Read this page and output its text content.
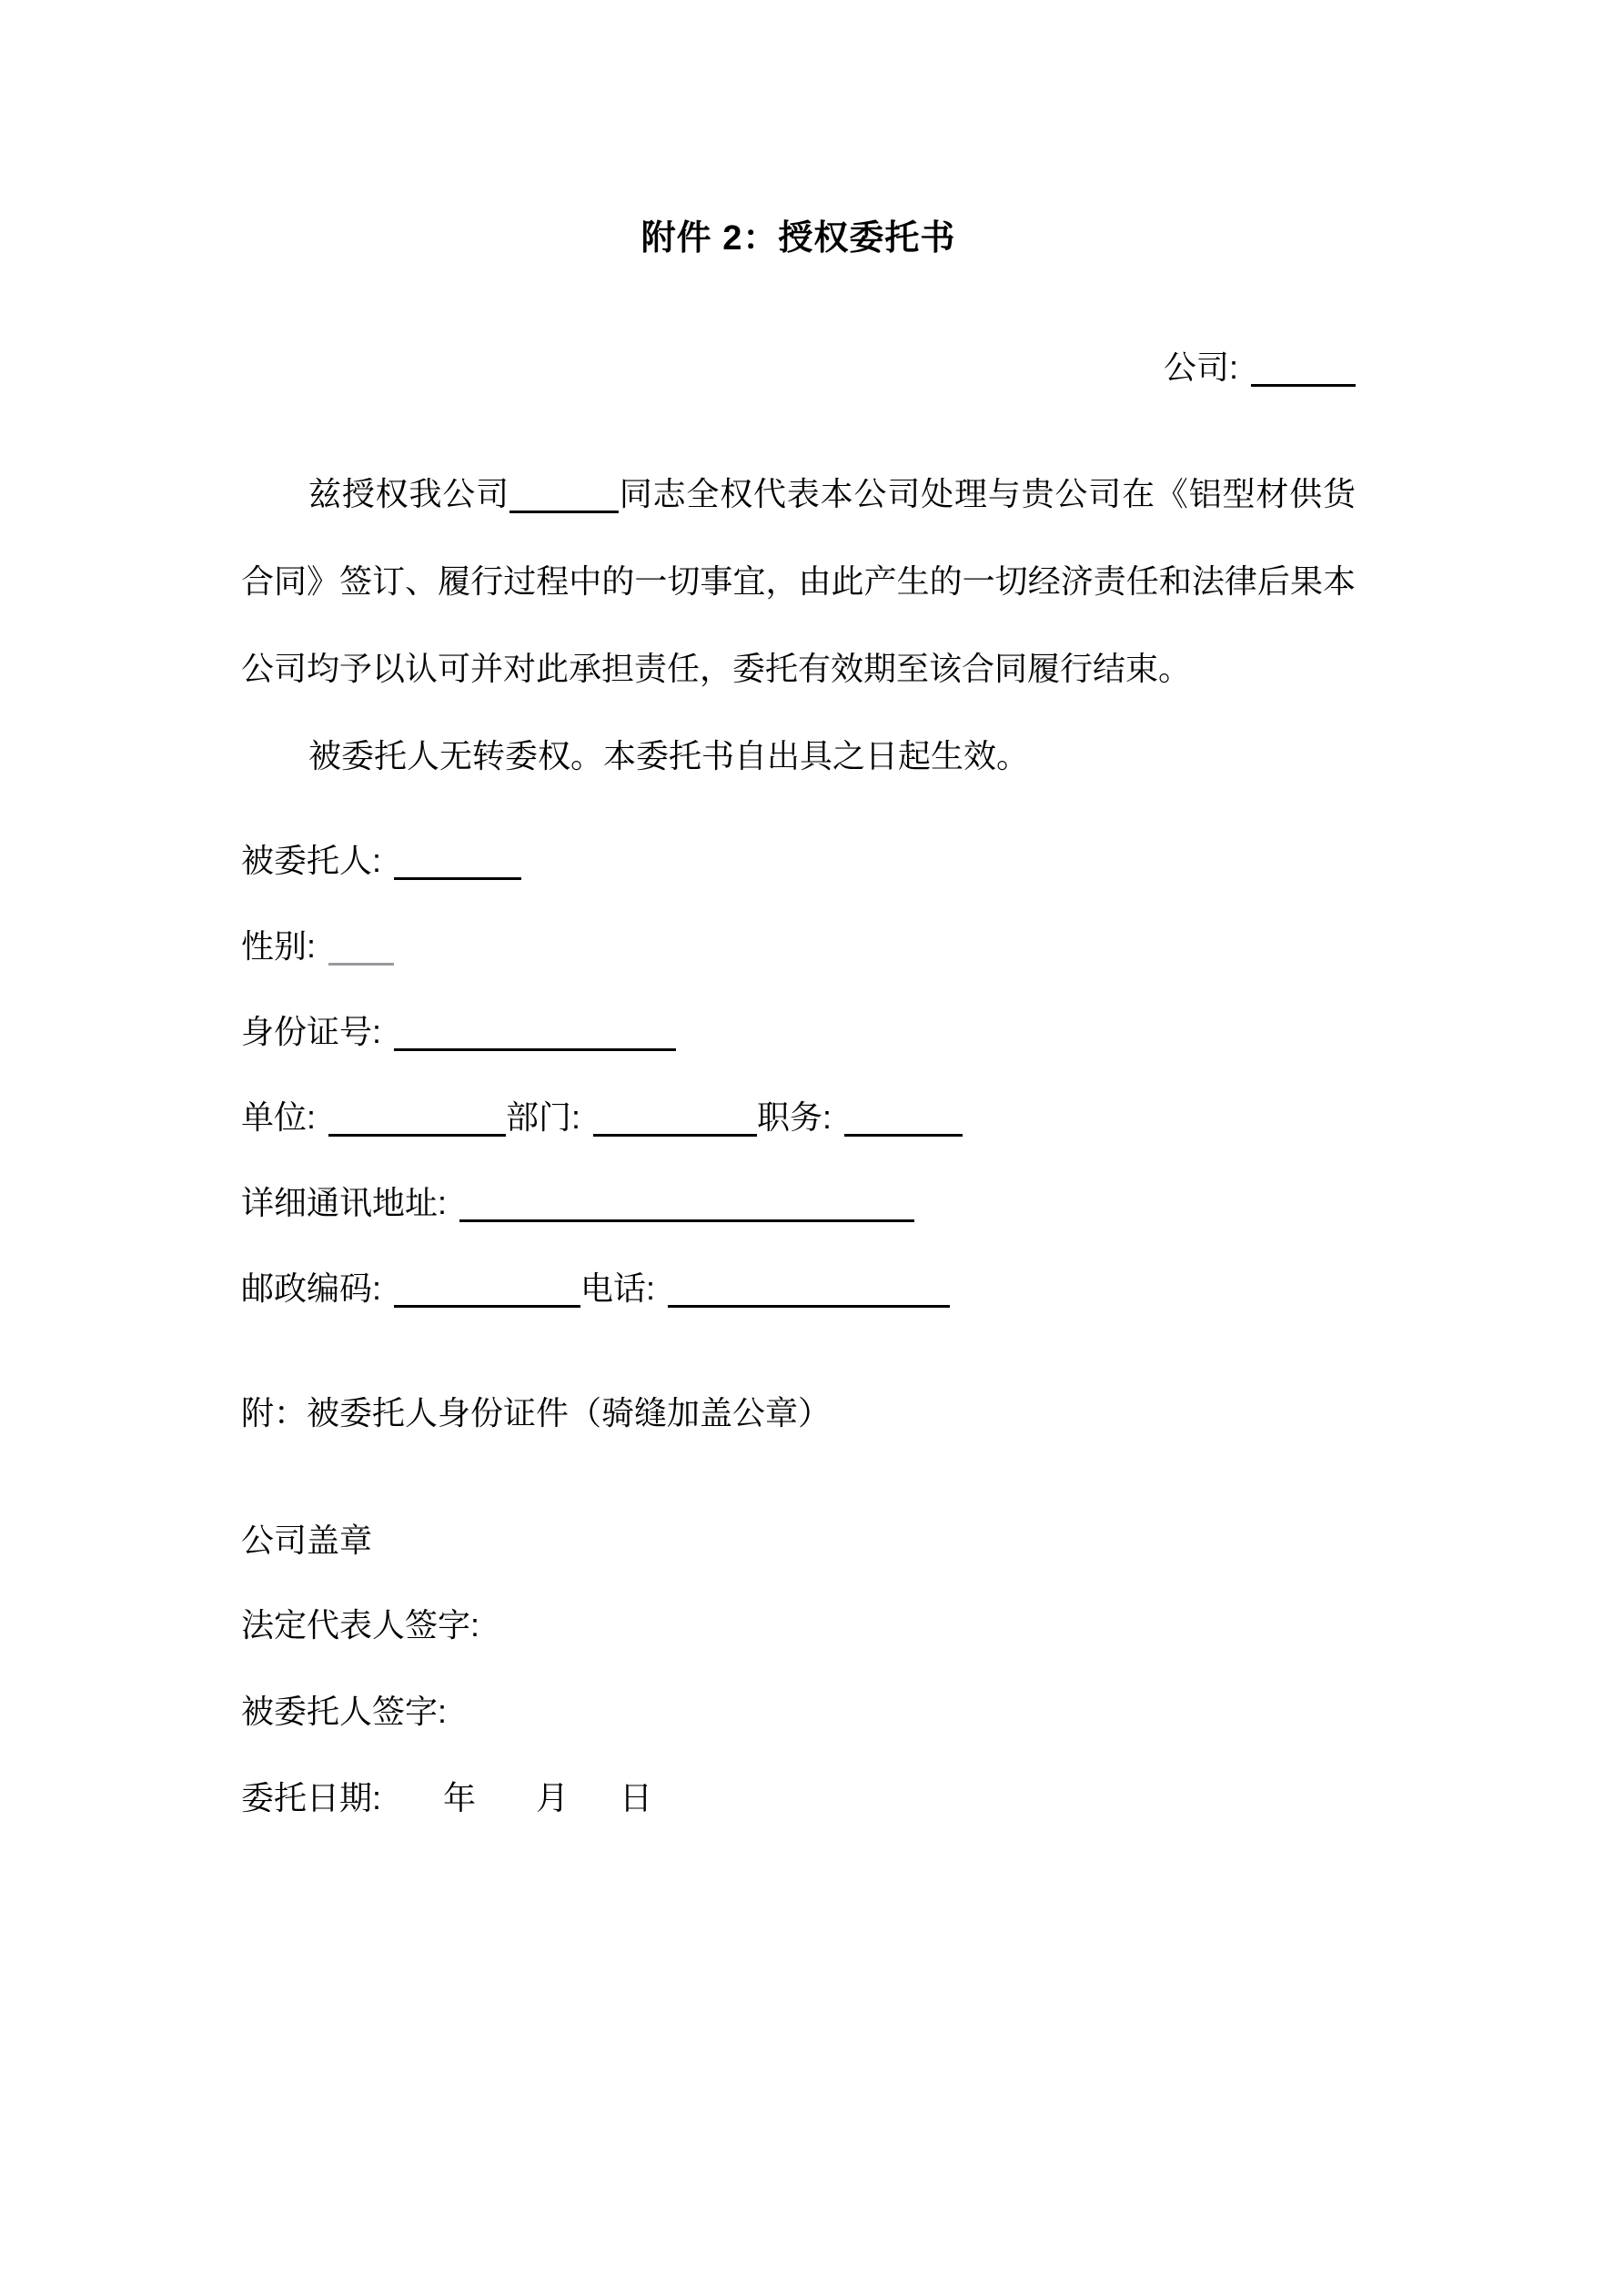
附件 2：授权委托书
公司:
兹授权我公司	同志全权代表本公司处理与贵公司在《铝型材供货
合同》签订、履行过程中的一切事宜，由此产生的一切经济责任和法律后果本
公司均予以认可并对此承担责任，委托有效期至该合同履行结束。
被委托人无转委权。本委托书自出具之日起生效。
被委托人:
性别:
身份证号:
单位:	部门:	职务:
详细通讯地址:
邮政编码:	电话:
附：被委托人身份证件（骑缝加盖公章）
公司盖章
法定代表人签字:
被委托人签字:
委托日期: 年 月 日
